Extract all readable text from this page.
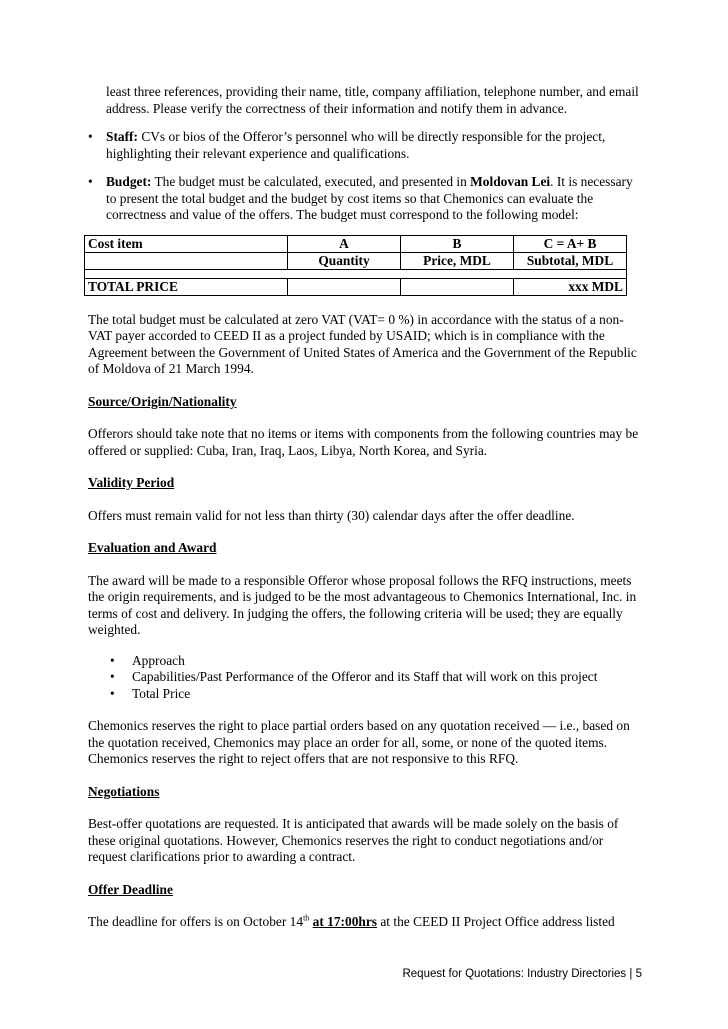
least three references, providing their name, title, company affiliation, telephone number, and email address. Please verify the correctness of their information and notify them in advance.

• Staff: CVs or bios of the Offeror’s personnel who will be directly responsible for the project, highlighting their relevant experience and qualifications.
• Budget: The budget must be calculated, executed, and presented in Moldovan Lei. It is necessary to present the total budget and the budget by cost items so that Chemonics can evaluate the correctness and value of the offers. The budget must correspond to the following model:
Cost item	A	B	C = A+ B
	Quantity	Price, MDL	Subtotal, MDL

TOTAL PRICE			xxx MDL

The total budget must be calculated at zero VAT (VAT= 0 %) in accordance with the status of a non-VAT payer accorded to CEED II as a project funded by USAID; which is in compliance with the Agreement between the Government of United States of America and the Government of the Republic of Moldova of 21 March 1994.

Source/Origin/Nationality

Offerors should take note that no items or items with components from the following countries may be offered or supplied: Cuba, Iran, Iraq, Laos, Libya, North Korea, and Syria.

Validity Period

Offers must remain valid for not less than thirty (30) calendar days after the offer deadline.

Evaluation and Award

The award will be made to a responsible Offeror whose proposal follows the RFQ instructions, meets the origin requirements, and is judged to be the most advantageous to Chemonics International, Inc. in terms of cost and delivery. In judging the offers, the following criteria will be used; they are equally weighted.

• Approach
• Capabilities/Past Performance of the Offeror and its Staff that will work on this project
• Total Price

Chemonics reserves the right to place partial orders based on any quotation received — i.e., based on the quotation received, Chemonics may place an order for all, some, or none of the quoted items. Chemonics reserves the right to reject offers that are not responsive to this RFQ.

Negotiations

Best-offer quotations are requested. It is anticipated that awards will be made solely on the basis of these original quotations. However, Chemonics reserves the right to conduct negotiations and/or request clarifications prior to awarding a contract.

Offer Deadline

The deadline for offers is on October 14th at 17:00hrs at the CEED II Project Office address listed

Request for Quotations: Industry Directories | 5
